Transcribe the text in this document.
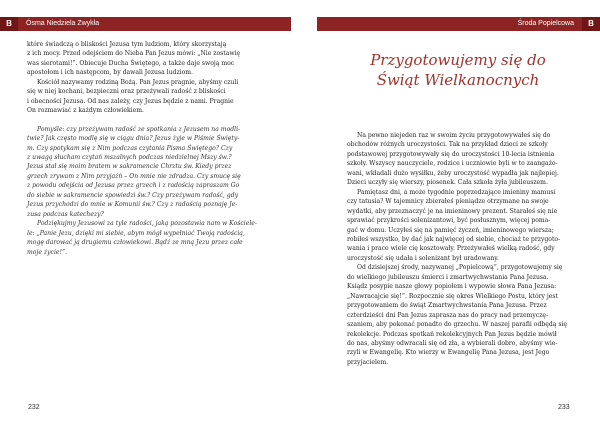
B	Ósma Niedziela Zwykła

które świadczą o bliskości Jezusa tym ludziom, który skorzystają

z ich mocy. Przed odejściem do Nieba Pan Jezus mówi: „Nie zostawię

was sierotami!”. Obiecuje Ducha Świętego, a także daje swoją moc

apostołom i ich następcom, by dawali Jezusa ludziom.

Kościół nazywamy rodziną Bożą. Pan Jezus pragnie, abyśmy czuli

się w niej kochani, bezpieczni oraz przeżywali radość z bliskości

i obecności Jezusa. Od nas zależy, czy Jezus będzie z nami. Pragnie

On rozmawiać z każdym człowiekiem.

Pomyśle: czy przeżywam radość ze spotkania z Jezusem na modli-

twie? Jak często modlę się w ciągu dnia? Jezus żyje w Piśmie Święty-

m. Czy spotykam się z Nim podczas czytania Pisma Świętego? Czy

z uwagą słucham czytań mszalnych podczas niedzielnej Mszy św.?

Jezus stał się moim bratem w sakramencie Chrztu św. Kiedy przez

grzech zrywam z Nim przyjaźń – On mnie nie zdradza. Czy smucę się

z powodu odejścia od Jezusa przez grzech i z radością zapraszam Go

do siebie w sakramencie spowiedzi św.? Czy przeżywam radość, gdy

Jezus przychodzi do mnie w Komunii św.? Czy z radością poznaję Je-

zusa podczas katechezy?

Podziękujmy Jezusowi za tyle radości, jaką pozostawia nam w Kościele-

le: „Panie Jezu, dzięki mi siebie, abym mógł wypełniać Twoją radością,

mogę darować ją drugiemu człowiekowi. Bądź ze mną Jezu przez całe

moje życie!”.

232
Środa Popielcowa	B
Przygotowujemy się do
Świąt Wielkanocnych

Na pewno niejeden raz w swoim życiu przygotowywałeś się do

obchodów różnych uroczystości. Tak na przykład dzieci ze szkoły

podstawowej przygotowywały się do uroczystości 10-lecia istnienia

szkoły. Wszyscy nauczyciele, rodzice i uczniowie byli w to zaangażo-

wani, wkładali dużo wysiłku, żeby uroczystość wypadła jak najlepiej.

Dzieci uczyły się wierszy, piosenek. Cała szkoła żyła jubileuszem.

Pamiętasz dni, a może tygodnie poprzedzające imieniny mamusi

czy tatusia? W tajemnicy zbierałeś pieniądze otrzymane na swoje

wydatki, aby przeznaczyć je na imieninowy prezent. Starałeś się nie

sprawiać przykrości solenizantowi, być posłusznym, więcej poma-

gać w domu. Uczyłeś się na pamięć życzeń, imieninowego wiersza;

robiłeś wszystko, by dać jak najwięcej od siebie, chociaż te przygoto-

wania i prace wiele cię kosztowały. Przeżywałeś wielką radość, gdy

uroczystość się udała i solenizant był uradowany.

Od dzisiejszej środy, nazywanej „Popielcową”, przygotowujemy się

do wielkiego jubileuszu śmierci i zmartwychwstania Pana Jezusa.

Ksiądz posypie nasze głowy popiołem i wypowie słowa Pana Jezusa:

„Nawracajcie się!”. Rozpocznie się okres Wielkiego Postu, który jest

przygotowaniem do świąt Zmartwychwstania Pana Jezusa. Przez

czterdzieści dni Pan Jezus zaprasza nas do pracy nad przemyczę-

szaniem, aby pokonać ponadto do grzechu. W naszej parafii odbędą się

rekolekcje. Podczas spotkań rekolekcyjnych Pan Jezus będzie mówił

do nas, abyśmy odwracali się od zła, a wybierali dobro, abyśmy wie-

rzyli w Ewangelię. Kto wierzy w Ewangelię Pana Jezusa, jest Jego

przyjacielem.

233
